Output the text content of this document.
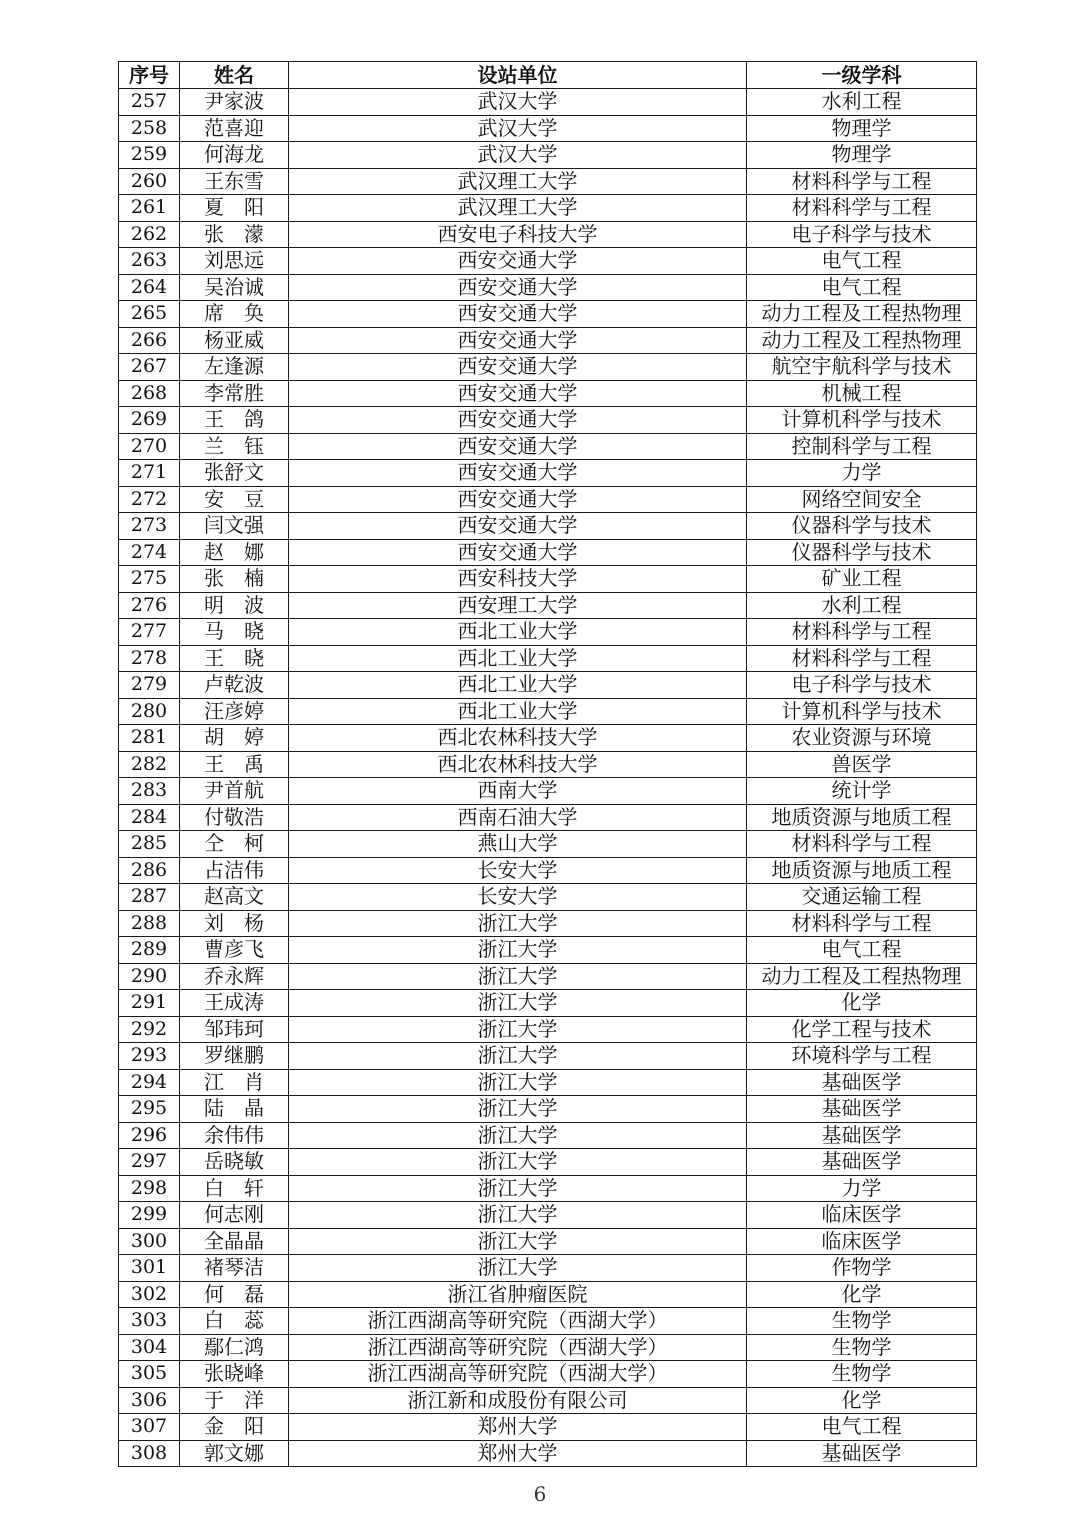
序号	姓名	设站单位	一级学科
257	尹家波	武汉大学	水利工程
258	范喜迎	武汉大学	物理学
259	何海龙	武汉大学	物理学
260	王东雪	武汉理工大学	材料科学与工程
261	夏　阳	武汉理工大学	材料科学与工程
262	张　濛	西安电子科技大学	电子科学与技术
263	刘思远	西安交通大学	电气工程
264	吴治诚	西安交通大学	电气工程
265	席　奂	西安交通大学	动力工程及工程热物理
266	杨亚威	西安交通大学	动力工程及工程热物理
267	左逢源	西安交通大学	航空宇航科学与技术
268	李常胜	西安交通大学	机械工程
269	王　鸽	西安交通大学	计算机科学与技术
270	兰　钰	西安交通大学	控制科学与工程
271	张舒文	西安交通大学	力学
272	安　豆	西安交通大学	网络空间安全
273	闫文强	西安交通大学	仪器科学与技术
274	赵　娜	西安交通大学	仪器科学与技术
275	张　楠	西安科技大学	矿业工程
276	明　波	西安理工大学	水利工程
277	马　晓	西北工业大学	材料科学与工程
278	王　晓	西北工业大学	材料科学与工程
279	卢乾波	西北工业大学	电子科学与技术
280	汪彦婷	西北工业大学	计算机科学与技术
281	胡　婷	西北农林科技大学	农业资源与环境
282	王　禹	西北农林科技大学	兽医学
283	尹首航	西南大学	统计学
284	付敬浩	西南石油大学	地质资源与地质工程
285	仝　柯	燕山大学	材料科学与工程
286	占洁伟	长安大学	地质资源与地质工程
287	赵高文	长安大学	交通运输工程
288	刘　杨	浙江大学	材料科学与工程
289	曹彦飞	浙江大学	电气工程
290	乔永辉	浙江大学	动力工程及工程热物理
291	王成涛	浙江大学	化学
292	邹玮珂	浙江大学	化学工程与技术
293	罗继鹏	浙江大学	环境科学与工程
294	江　肖	浙江大学	基础医学
295	陆　晶	浙江大学	基础医学
296	余伟伟	浙江大学	基础医学
297	岳晓敏	浙江大学	基础医学
298	白　轩	浙江大学	力学
299	何志刚	浙江大学	临床医学
300	全晶晶	浙江大学	临床医学
301	褚琴洁	浙江大学	作物学
302	何　磊	浙江省肿瘤医院	化学
303	白　蕊	浙江西湖高等研究院（西湖大学）	生物学
304	鄢仁鸿	浙江西湖高等研究院（西湖大学）	生物学
305	张晓峰	浙江西湖高等研究院（西湖大学）	生物学
306	于　洋	浙江新和成股份有限公司	化学
307	金　阳	郑州大学	电气工程
308	郭文娜	郑州大学	基础医学
6
